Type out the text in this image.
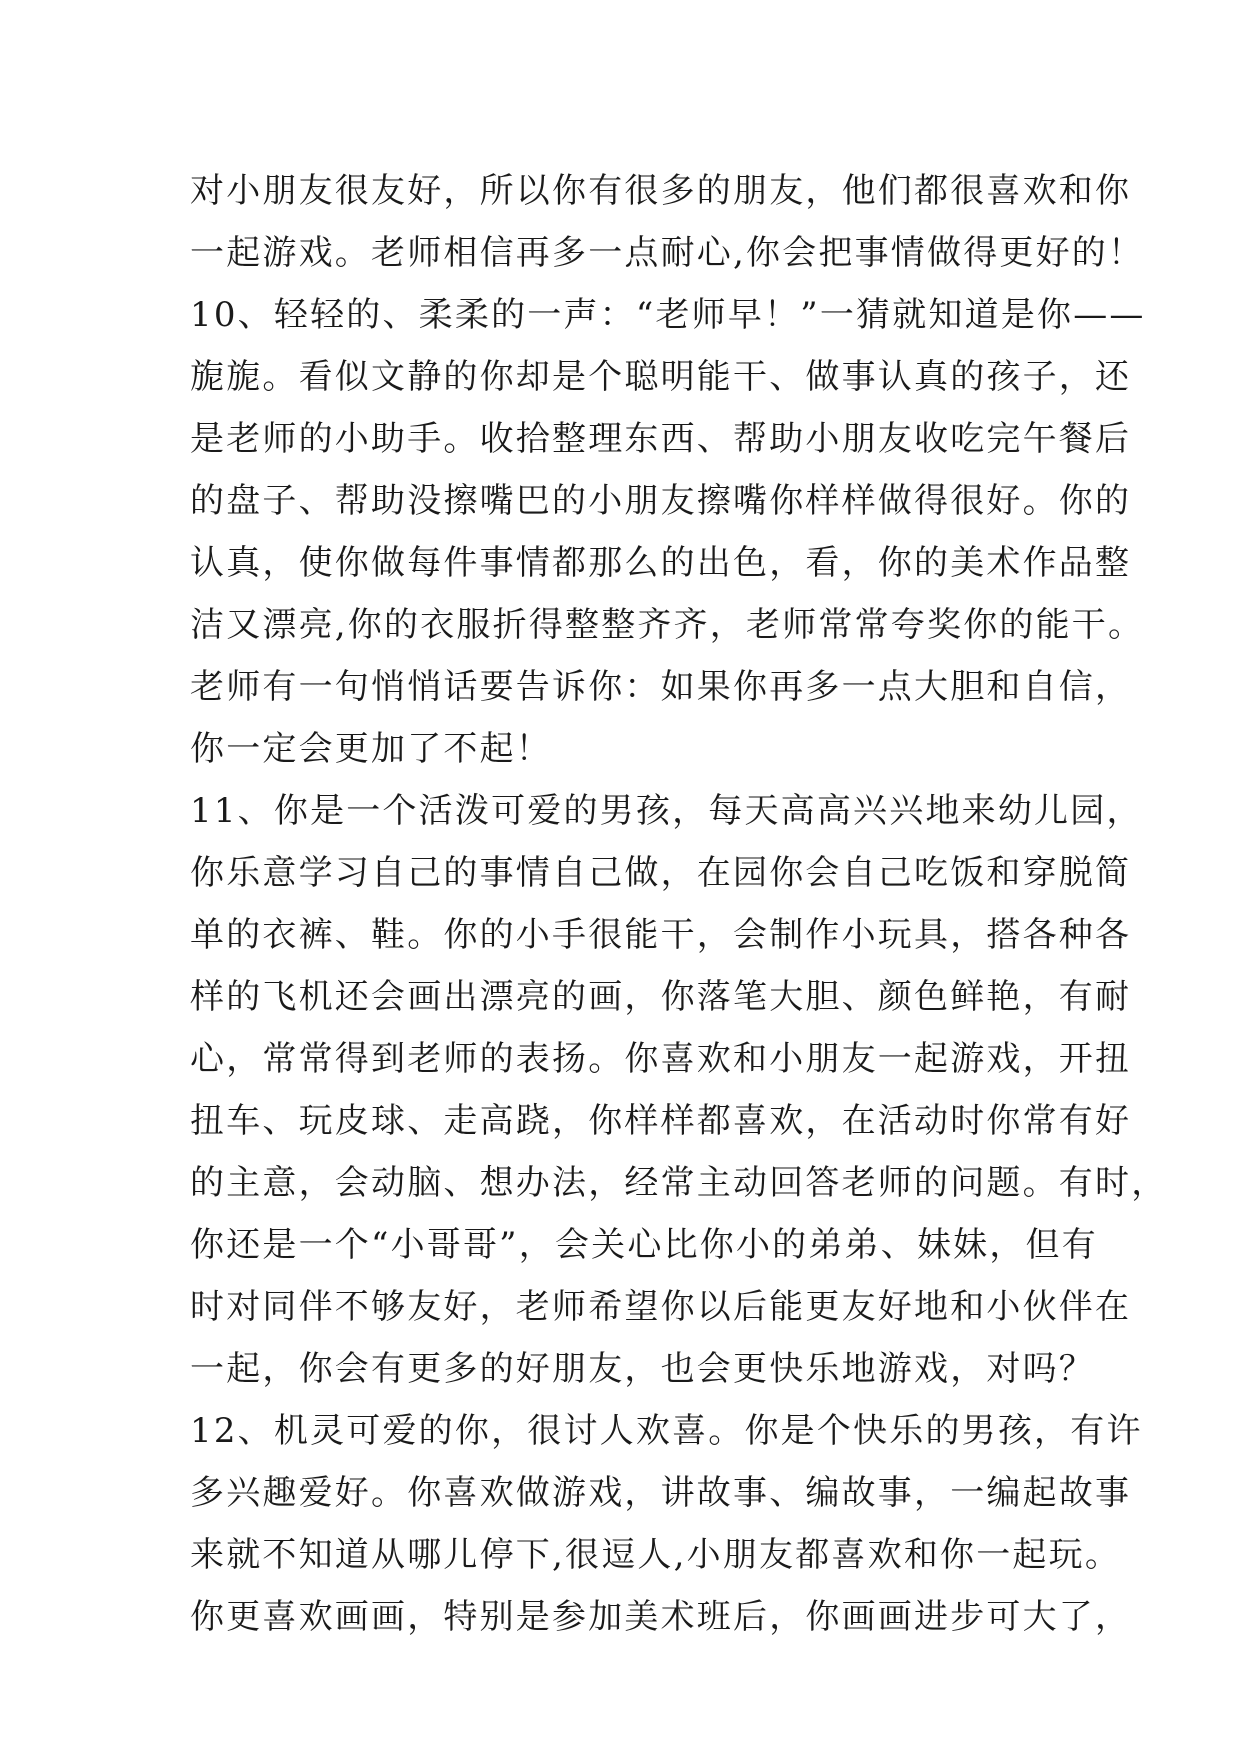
对小朋友很友好，所以你有很多的朋友，他们都很喜欢和你
一起游戏。老师相信再多一点耐心,你会把事情做得更好的！
10、轻轻的、柔柔的一声：“老师早！”一猜就知道是你——
旎旎。看似文静的你却是个聪明能干、做事认真的孩子，还
是老师的小助手。收拾整理东西、帮助小朋友收吃完午餐后
的盘子、帮助没擦嘴巴的小朋友擦嘴你样样做得很好。你的
认真，使你做每件事情都那么的出色，看，你的美术作品整
洁又漂亮,你的衣服折得整整齐齐，老师常常夸奖你的能干。
老师有一句悄悄话要告诉你：如果你再多一点大胆和自信，
你一定会更加了不起！
11、你是一个活泼可爱的男孩，每天高高兴兴地来幼儿园，
你乐意学习自己的事情自己做，在园你会自己吃饭和穿脱简
单的衣裤、鞋。你的小手很能干，会制作小玩具，搭各种各
样的飞机还会画出漂亮的画，你落笔大胆、颜色鲜艳，有耐
心，常常得到老师的表扬。你喜欢和小朋友一起游戏，开扭
扭车、玩皮球、走高跷，你样样都喜欢，在活动时你常有好
的主意，会动脑、想办法，经常主动回答老师的问题。有时，
你还是一个“小哥哥”，会关心比你小的弟弟、妹妹，但有
时对同伴不够友好，老师希望你以后能更友好地和小伙伴在
一起，你会有更多的好朋友，也会更快乐地游戏，对吗？
12、机灵可爱的你，很讨人欢喜。你是个快乐的男孩，有许
多兴趣爱好。你喜欢做游戏，讲故事、编故事，一编起故事
来就不知道从哪儿停下,很逗人,小朋友都喜欢和你一起玩。
你更喜欢画画，特别是参加美术班后，你画画进步可大了，
